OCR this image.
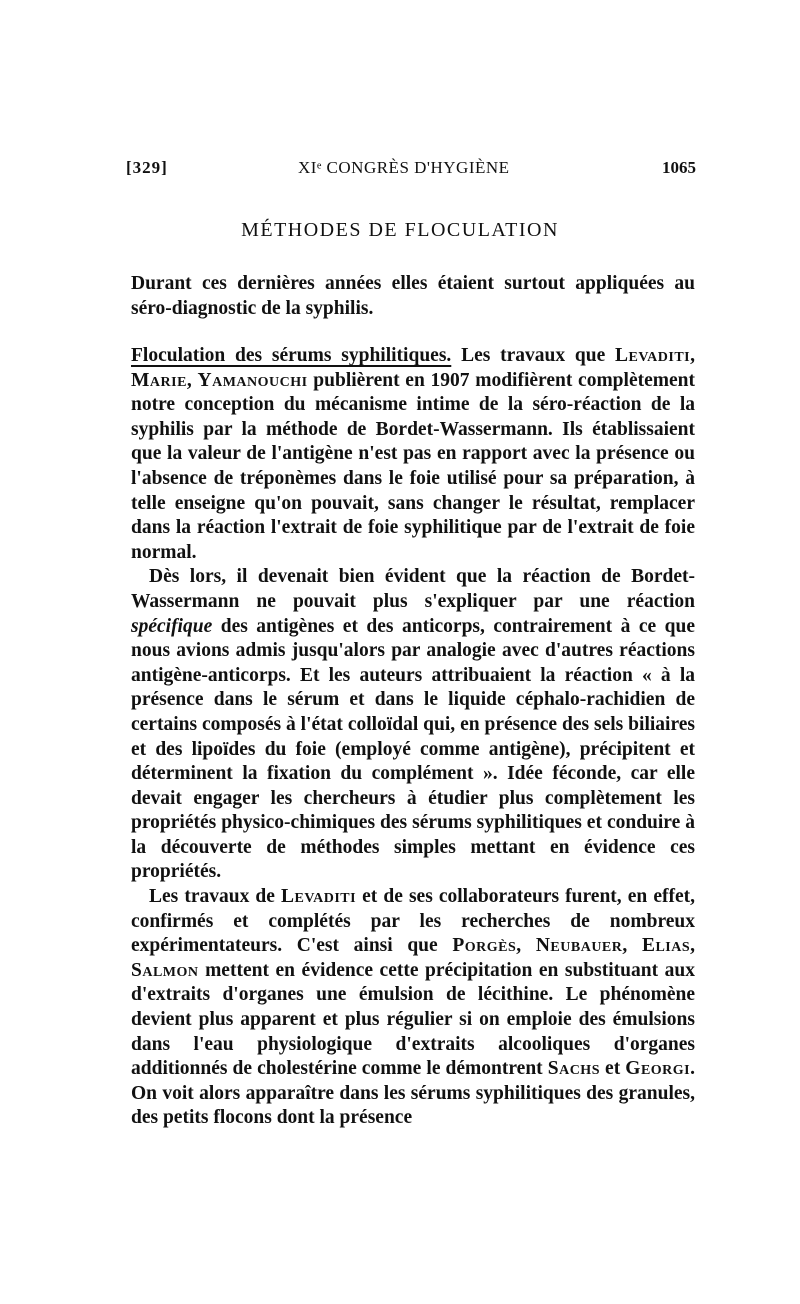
[329]	XIᵉ CONGRÈS D'HYGIÈNE	1065
MÉTHODES DE FLOCULATION

Durant ces dernières années elles étaient surtout appliquées au séro-diagnostic de la syphilis.

Floculation des sérums syphilitiques. Les travaux que Levaditi, Marie, Yamanouchi publièrent en 1907 modifièrent complètement notre conception du mécanisme intime de la séro-réaction de la syphilis par la méthode de Bordet-Wassermann. Ils établissaient que la valeur de l'antigène n'est pas en rapport avec la présence ou l'absence de tréponèmes dans le foie utilisé pour sa préparation, à telle enseigne qu'on pouvait, sans changer le résultat, remplacer dans la réaction l'extrait de foie syphilitique par de l'extrait de foie normal.

Dès lors, il devenait bien évident que la réaction de Bordet-Wassermann ne pouvait plus s'expliquer par une réaction spécifique des antigènes et des anticorps, contrairement à ce que nous avions admis jusqu'alors par analogie avec d'autres réactions antigène-anticorps. Et les auteurs attribuaient la réaction « à la présence dans le sérum et dans le liquide céphalo-rachidien de certains composés à l'état colloïdal qui, en présence des sels biliaires et des lipoïdes du foie (employé comme antigène), précipitent et déterminent la fixation du complément ». Idée féconde, car elle devait engager les chercheurs à étudier plus complètement les propriétés physico-chimiques des sérums syphilitiques et conduire à la découverte de méthodes simples mettant en évidence ces propriétés.

Les travaux de Levaditi et de ses collaborateurs furent, en effet, confirmés et complétés par les recherches de nombreux expérimentateurs. C'est ainsi que Porgès, Neubauer, Elias, Salmon mettent en évidence cette précipitation en substituant aux d'extraits d'organes une émulsion de lécithine. Le phénomène devient plus apparent et plus régulier si on emploie des émulsions dans l'eau physiologique d'extraits alcooliques d'organes additionnés de cholestérine comme le démontrent Sachs et Georgi. On voit alors apparaître dans les sérums syphilitiques des granules, des petits flocons dont la présence
